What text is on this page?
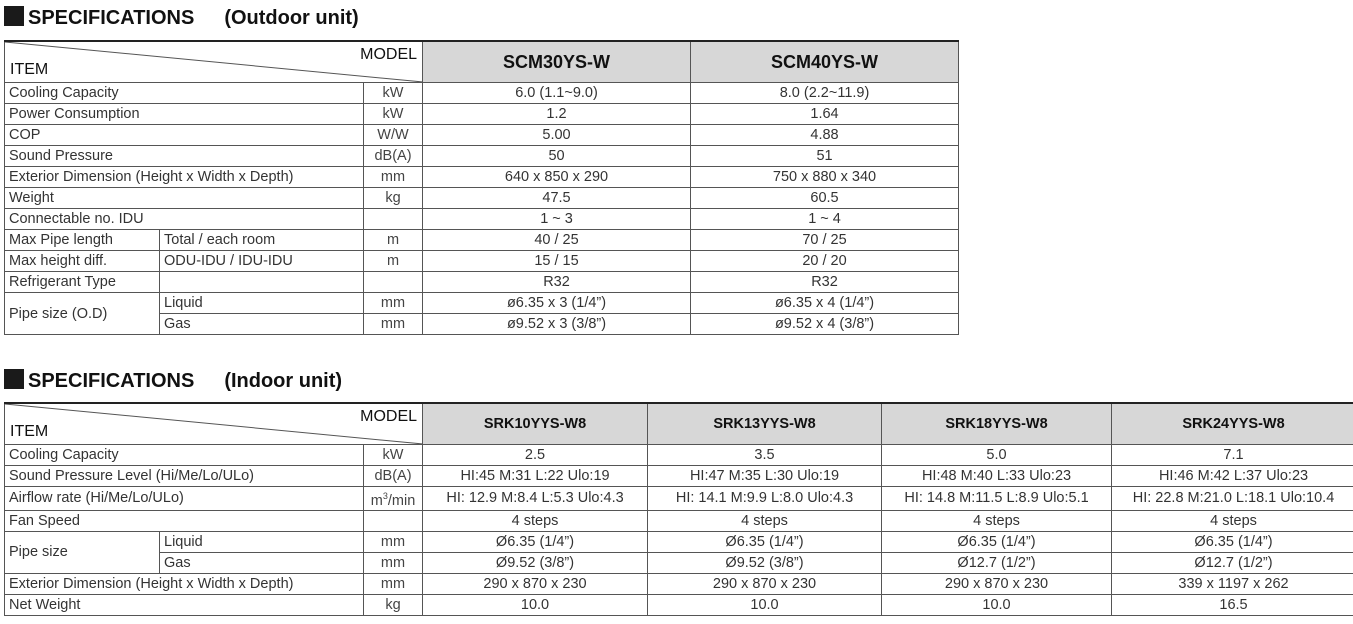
SPECIFICATIONS (Outdoor unit)
MODEL
ITEM			SCM30YS-W	SCM40YS-W
Cooling Capacity		kW	6.0 (1.1~9.0)	8.0 (2.2~11.9)
Power Consumption		kW	1.2	1.64
COP		W/W	5.00	4.88
Sound Pressure		dB(A)	50	51
Exterior Dimension (Height x Width x Depth)		mm	640 x 850 x 290	750 x 880 x 340
Weight		kg	47.5	60.5
Connectable no. IDU			1 ~ 3	1 ~ 4
Max Pipe length	Total / each room	m	40 / 25	70 / 25
Max height diff.	ODU-IDU / IDU-IDU	m	15 / 15	20 / 20
Refrigerant Type			R32	R32
Pipe size (O.D)	Liquid	mm	ø6.35 x 3 (1/4”)	ø6.35 x 4 (1/4”)
	Gas	mm	ø9.52 x 3 (3/8”)	ø9.52 x 4 (3/8”)
SPECIFICATIONS (Indoor unit)
MODEL
ITEM			SRK10YYS-W8	SRK13YYS-W8	SRK18YYS-W8	SRK24YYS-W8
Cooling Capacity		kW	2.5	3.5	5.0	7.1
Sound Pressure Level (Hi/Me/Lo/ULo)		dB(A)	HI:45 M:31 L:22 Ulo:19	HI:47 M:35 L:30 Ulo:19	HI:48 M:40 L:33 Ulo:23	HI:46 M:42 L:37 Ulo:23
Airflow rate (Hi/Me/Lo/ULo)		$m^3/\min$	HI: 12.9 M:8.4 L:5.3 Ulo:4.3	HI: 14.1 M:9.9 L:8.0 Ulo:4.3	HI: 14.8 M:11.5 L:8.9 Ulo:5.1	HI: 22.8 M:21.0 L:18.1 Ulo:10.4
Fan Speed			4 steps	4 steps	4 steps	4 steps
Pipe size	Liquid	mm	Ø6.35 (1/4”)	Ø6.35 (1/4”)	Ø6.35 (1/4”)	Ø6.35 (1/4”)
	Gas	mm	Ø9.52 (3/8”)	Ø9.52 (3/8”)	Ø12.7 (1/2”)	Ø12.7 (1/2”)
Exterior Dimension (Height x Width x Depth)		mm	290 x 870 x 230	290 x 870 x 230	290 x 870 x 230	339 x 1197 x 262
Net Weight		kg	10.0	10.0	10.0	16.5
